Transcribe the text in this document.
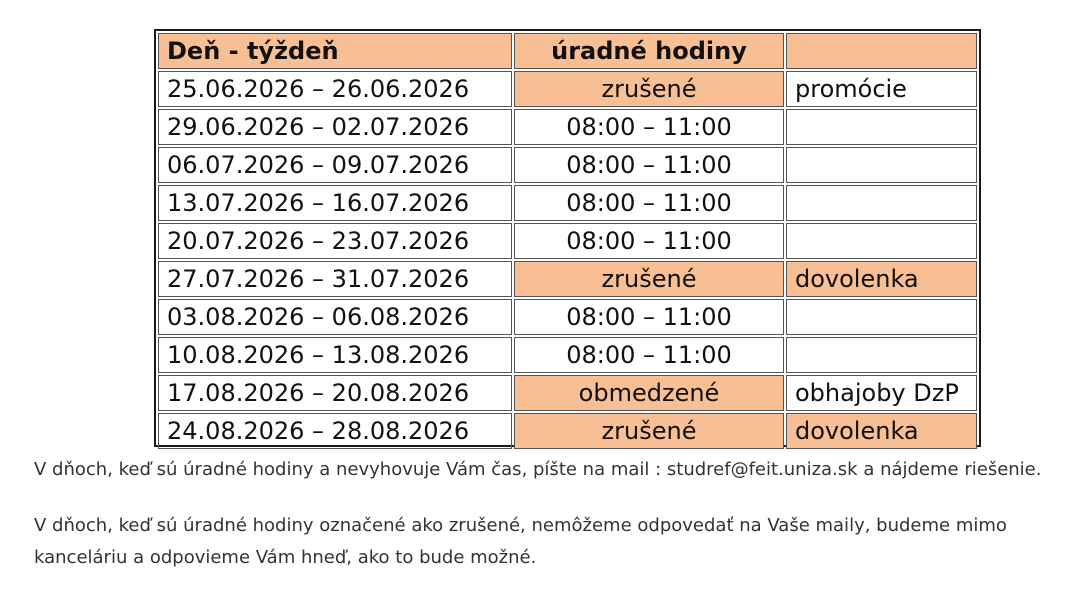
Deň - týždeň	úradné hodiny	
25.06.2026 – 26.06.2026	zrušené	promócie
29.06.2026 – 02.07.2026	08:00 – 11:00	
06.07.2026 – 09.07.2026	08:00 – 11:00	
13.07.2026 – 16.07.2026	08:00 – 11:00	
20.07.2026 – 23.07.2026	08:00 – 11:00	
27.07.2026 – 31.07.2026	zrušené	dovolenka
03.08.2026 – 06.08.2026	08:00 – 11:00	
10.08.2026 – 13.08.2026	08:00 – 11:00	
17.08.2026 – 20.08.2026	obmedzené	obhajoby DzP
24.08.2026 – 28.08.2026	zrušené	dovolenka
V dňoch, keď sú úradné hodiny a nevyhovuje Vám čas, píšte na mail : studref@feit.uniza.sk a nájdeme riešenie.
V dňoch, keď sú úradné hodiny označené ako zrušené, nemôžeme odpovedať na Vaše maily, budeme mimo kanceláriu a odpovieme Vám hneď, ako to bude možné.
